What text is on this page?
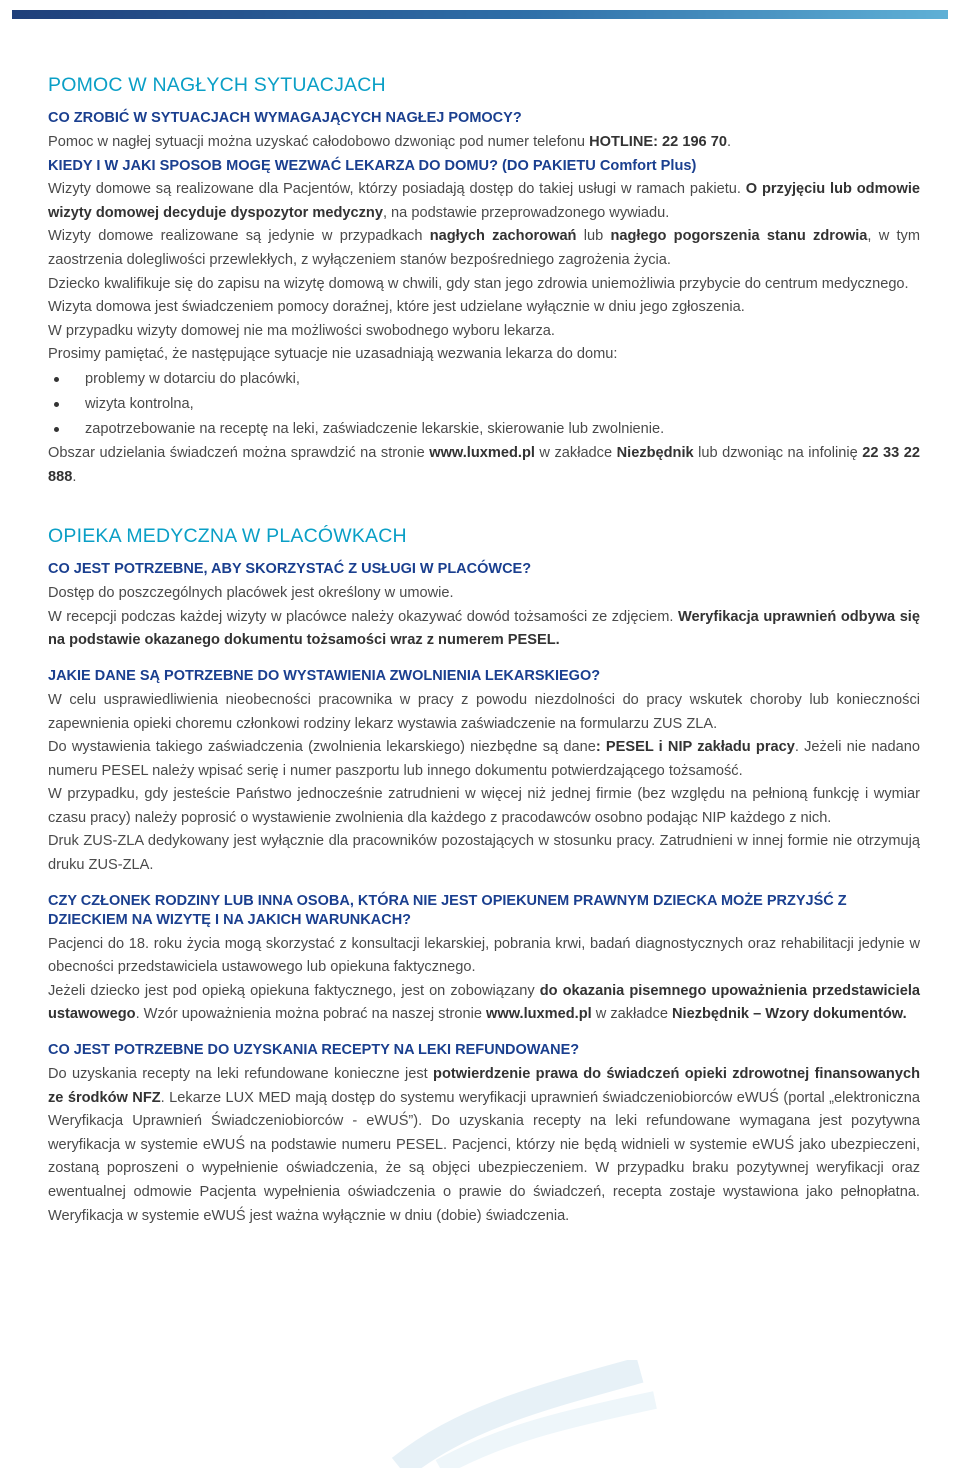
POMOC W NAGŁYCH SYTUACJACH
CO ZROBIĆ W SYTUACJACH WYMAGAJĄCYCH NAGŁEJ POMOCY?

Pomoc w nagłej sytuacji można uzyskać całodobowo dzwoniąc pod numer telefonu HOTLINE: 22 196 70.

KIEDY I W JAKI SPOSOB MOGĘ WEZWAĆ LEKARZA DO DOMU? (DO PAKIETU Comfort Plus)

Wizyty domowe są realizowane dla Pacjentów, którzy posiadają dostęp do takiej usługi w ramach pakietu. O przyjęciu lub odmowie wizyty domowej decyduje dyspozytor medyczny, na podstawie przeprowadzonego wywiadu.

Wizyty domowe realizowane są jedynie w przypadkach nagłych zachorowań lub nagłego pogorszenia stanu zdrowia, w tym zaostrzenia dolegliwości przewlekłych, z wyłączeniem stanów bezpośredniego zagrożenia życia.

Dziecko kwalifikuje się do zapisu na wizytę domową w chwili, gdy stan jego zdrowia uniemożliwia przybycie do centrum medycznego.

Wizyta domowa jest świadczeniem pomocy doraźnej, które jest udzielane wyłącznie w dniu jego zgłoszenia.

W przypadku wizyty domowej nie ma możliwości swobodnego wyboru lekarza.

Prosimy pamiętać, że następujące sytuacje nie uzasadniają wezwania lekarza do domu:

problemy w dotarciu do placówki,
wizyta kontrolna,
zapotrzebowanie na receptę na leki, zaświadczenie lekarskie, skierowanie lub zwolnienie.

Obszar udzielania świadczeń można sprawdzić na stronie www.luxmed.pl w zakładce Niezbędnik lub dzwoniąc na infolinię 22 33 22 888.

OPIEKA MEDYCZNA W PLACÓWKACH
CO JEST POTRZEBNE, ABY SKORZYSTAĆ Z USŁUGI W PLACÓWCE?

Dostęp do poszczególnych placówek jest określony w umowie.

W recepcji podczas każdej wizyty w placówce należy okazywać dowód tożsamości ze zdjęciem. Weryfikacja uprawnień odbywa się na podstawie okazanego dokumentu tożsamości wraz z numerem PESEL.

JAKIE DANE SĄ POTRZEBNE DO WYSTAWIENIA ZWOLNIENIA LEKARSKIEGO?

W celu usprawiedliwienia nieobecności pracownika w pracy z powodu niezdolności do pracy wskutek choroby lub konieczności zapewnienia opieki choremu członkowi rodziny lekarz wystawia zaświadczenie na formularzu ZUS ZLA.

Do wystawienia takiego zaświadczenia (zwolnienia lekarskiego) niezbędne są dane: PESEL i NIP zakładu pracy. Jeżeli nie nadano numeru PESEL należy wpisać serię i numer paszportu lub innego dokumentu potwierdzającego tożsamość.

W przypadku, gdy jesteście Państwo jednocześnie zatrudnieni w więcej niż jednej firmie (bez względu na pełnioną funkcję i wymiar czasu pracy) należy poprosić o wystawienie zwolnienia dla każdego z pracodawców osobno podając NIP każdego z nich.

Druk ZUS-ZLA dedykowany jest wyłącznie dla pracowników pozostających w stosunku pracy. Zatrudnieni w innej formie nie otrzymują druku ZUS-ZLA.

CZY CZŁONEK RODZINY LUB INNA OSOBA, KTÓRA NIE JEST OPIEKUNEM PRAWNYM DZIECKA MOŻE PRZYJŚĆ Z DZIECKIEM NA WIZYTĘ I NA JAKICH WARUNKACH?

Pacjenci do 18. roku życia mogą skorzystać z konsultacji lekarskiej, pobrania krwi, badań diagnostycznych oraz rehabilitacji jedynie w obecności przedstawiciela ustawowego lub opiekuna faktycznego.

Jeżeli dziecko jest pod opieką opiekuna faktycznego, jest on zobowiązany do okazania pisemnego upoważnienia przedstawiciela ustawowego. Wzór upoważnienia można pobrać na naszej stronie www.luxmed.pl w zakładce Niezbędnik – Wzory dokumentów.

CO JEST POTRZEBNE DO UZYSKANIA RECEPTY NA LEKI REFUNDOWANE?

Do uzyskania recepty na leki refundowane konieczne jest potwierdzenie prawa do świadczeń opieki zdrowotnej finansowanych ze środków NFZ. Lekarze LUX MED mają dostęp do systemu weryfikacji uprawnień świadczeniobiorców eWUŚ (portal „elektroniczna Weryfikacja Uprawnień Świadczeniobiorców - eWUŚ”). Do uzyskania recepty na leki refundowane wymagana jest pozytywna weryfikacja w systemie eWUŚ na podstawie numeru PESEL. Pacjenci, którzy nie będą widnieli w systemie eWUŚ jako ubezpieczeni, zostaną poproszeni o wypełnienie oświadczenia, że są objęci ubezpieczeniem. W przypadku braku pozytywnej weryfikacji oraz ewentualnej odmowie Pacjenta wypełnienia oświadczenia o prawie do świadczeń, recepta zostaje wystawiona jako pełnopłatna. Weryfikacja w systemie eWUŚ jest ważna wyłącznie w dniu (dobie) świadczenia.
